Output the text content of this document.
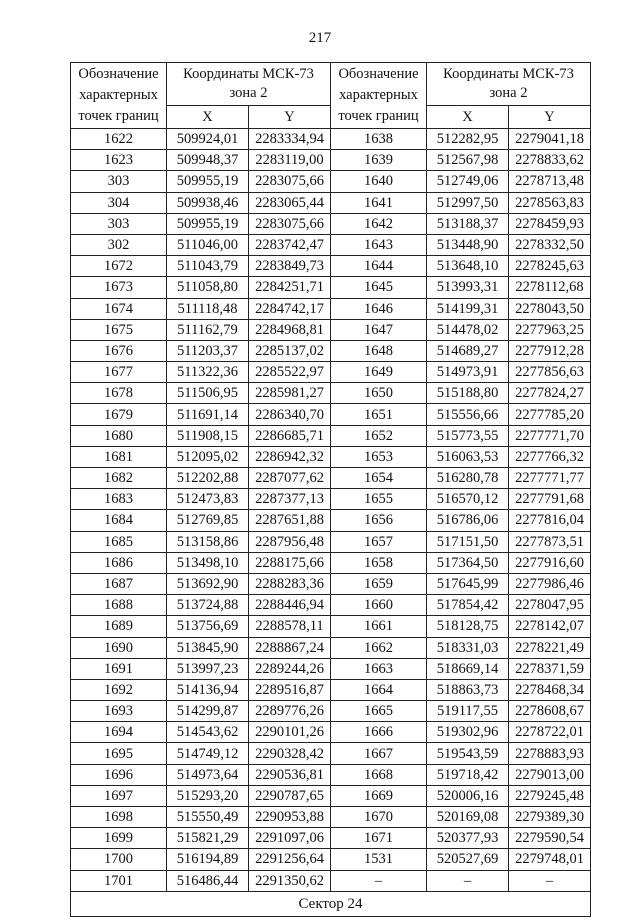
217
Обозначение характерных точек границ	Координаты МСК-73 зона 2		Обозначение характерных точек границ	Координаты МСК-73 зона 2	
	X	Y		X	Y
1622	509924,01	2283334,94	1638	512282,95	2279041,18
1623	509948,37	2283119,00	1639	512567,98	2278833,62
303	509955,19	2283075,66	1640	512749,06	2278713,48
304	509938,46	2283065,44	1641	512997,50	2278563,83
303	509955,19	2283075,66	1642	513188,37	2278459,93
302	511046,00	2283742,47	1643	513448,90	2278332,50
1672	511043,79	2283849,73	1644	513648,10	2278245,63
1673	511058,80	2284251,71	1645	513993,31	2278112,68
1674	511118,48	2284742,17	1646	514199,31	2278043,50
1675	511162,79	2284968,81	1647	514478,02	2277963,25
1676	511203,37	2285137,02	1648	514689,27	2277912,28
1677	511322,36	2285522,97	1649	514973,91	2277856,63
1678	511506,95	2285981,27	1650	515188,80	2277824,27
1679	511691,14	2286340,70	1651	515556,66	2277785,20
1680	511908,15	2286685,71	1652	515773,55	2277771,70
1681	512095,02	2286942,32	1653	516063,53	2277766,32
1682	512202,88	2287077,62	1654	516280,78	2277771,77
1683	512473,83	2287377,13	1655	516570,12	2277791,68
1684	512769,85	2287651,88	1656	516786,06	2277816,04
1685	513158,86	2287956,48	1657	517151,50	2277873,51
1686	513498,10	2288175,66	1658	517364,50	2277916,60
1687	513692,90	2288283,36	1659	517645,99	2277986,46
1688	513724,88	2288446,94	1660	517854,42	2278047,95
1689	513756,69	2288578,11	1661	518128,75	2278142,07
1690	513845,90	2288867,24	1662	518331,03	2278221,49
1691	513997,23	2289244,26	1663	518669,14	2278371,59
1692	514136,94	2289516,87	1664	518863,73	2278468,34
1693	514299,87	2289776,26	1665	519117,55	2278608,67
1694	514543,62	2290101,26	1666	519302,96	2278722,01
1695	514749,12	2290328,42	1667	519543,59	2278883,93
1696	514973,64	2290536,81	1668	519718,42	2279013,00
1697	515293,20	2290787,65	1669	520006,16	2279245,48
1698	515550,49	2290953,88	1670	520169,08	2279389,30
1699	515821,29	2291097,06	1671	520377,93	2279590,54
1700	516194,89	2291256,64	1531	520527,69	2279748,01
1701	516486,44	2291350,62	–	–	–
Сектор 24					
